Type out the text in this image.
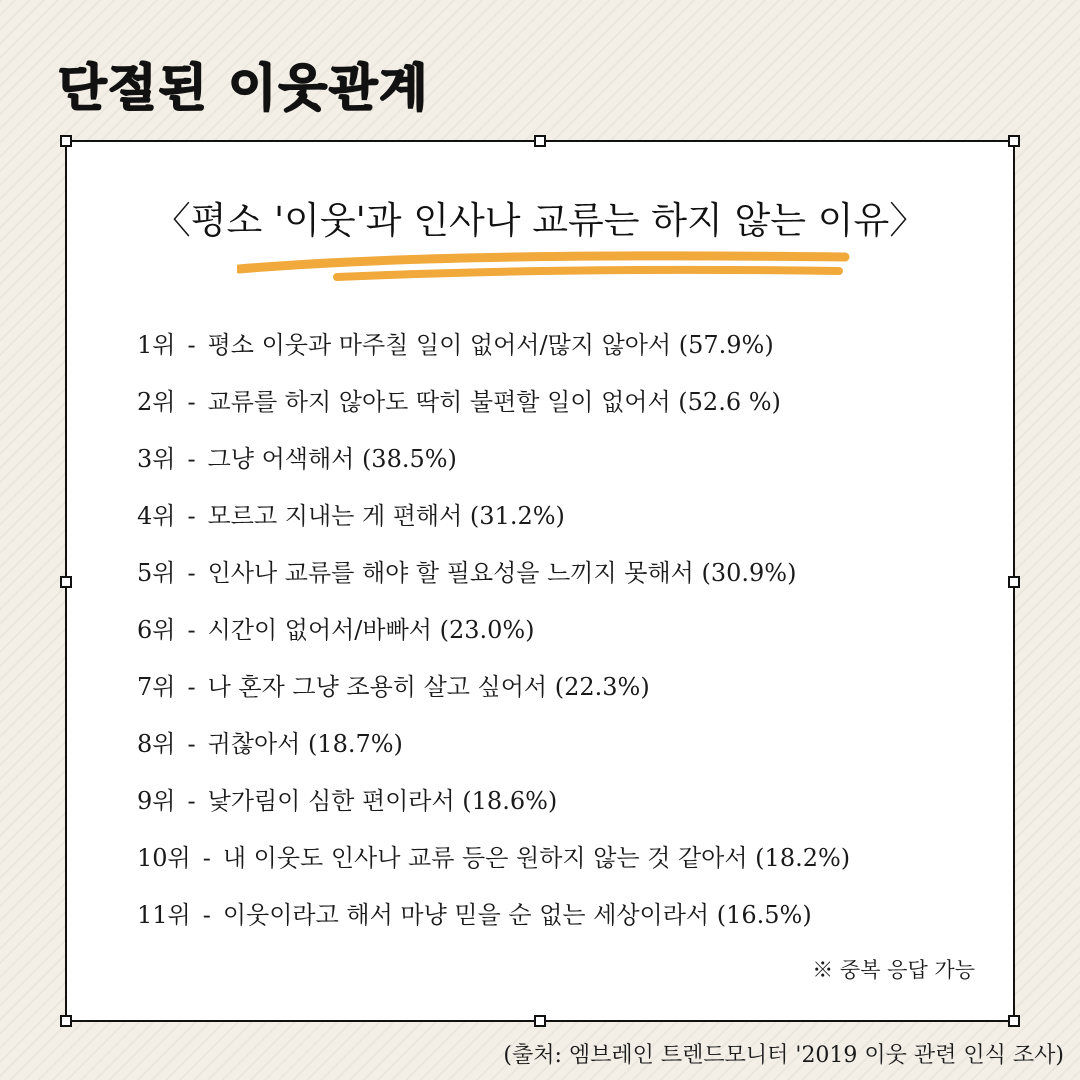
단절된 이웃관계
〈평소 '이웃'과 인사나 교류는 하지 않는 이유〉
1위 - 평소 이웃과 마주칠 일이 없어서/많지 않아서 (57.9%)
2위 - 교류를 하지 않아도 딱히 불편할 일이 없어서 (52.6 %)
3위 - 그냥 어색해서 (38.5%)
4위 - 모르고 지내는 게 편해서 (31.2%)
5위 - 인사나 교류를 해야 할 필요성을 느끼지 못해서 (30.9%)
6위 - 시간이 없어서/바빠서 (23.0%)
7위 - 나 혼자 그냥 조용히 살고 싶어서 (22.3%)
8위 - 귀찮아서 (18.7%)
9위 - 낯가림이 심한 편이라서 (18.6%)
10위 - 내 이웃도 인사나 교류 등은 원하지 않는 것 같아서 (18.2%)
11위 - 이웃이라고 해서 마냥 믿을 순 없는 세상이라서 (16.5%)
※ 중복 응답 가능
(출처: 엠브레인 트렌드모니터 '2019 이웃 관련 인식 조사)
